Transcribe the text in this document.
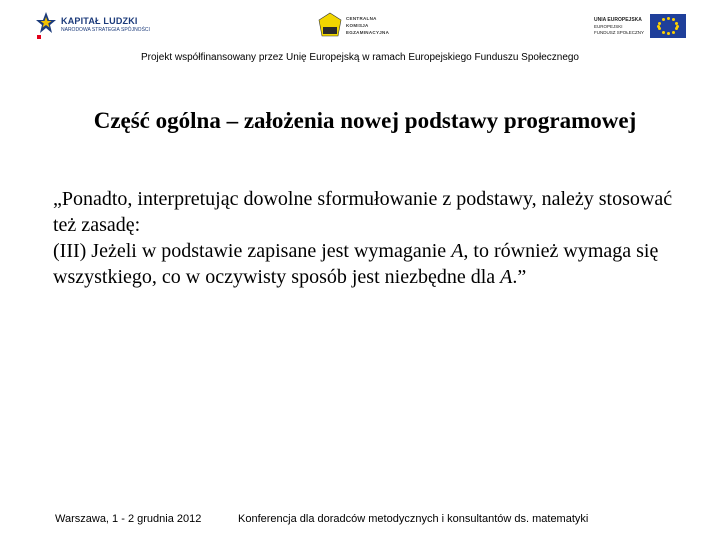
KAPITAŁ LUDZKI
NARODOWA STRATEGIA SPÓJNOŚCI
CENTRALNA
KOMISJA
EGZAMINACYJNA
UNIA EUROPEJSKA
EUROPEJSKI
FUNDUSZ SPOŁECZNY
Projekt współfinansowany przez Unię Europejską w ramach Europejskiego Funduszu Społecznego
Część ogólna – założenia nowej podstawy programowej

„Ponadto, interpretując dowolne sformułowanie z podstawy, należy stosować też zasadę:
(III) Jeżeli w podstawie zapisane jest wymaganie A, to również wymaga się wszystkiego, co w oczywisty sposób jest niezbędne dla A.”

Warszawa, 1 - 2 grudnia 2012	Konferencja dla doradców metodycznych i konsultantów ds. matematyki
